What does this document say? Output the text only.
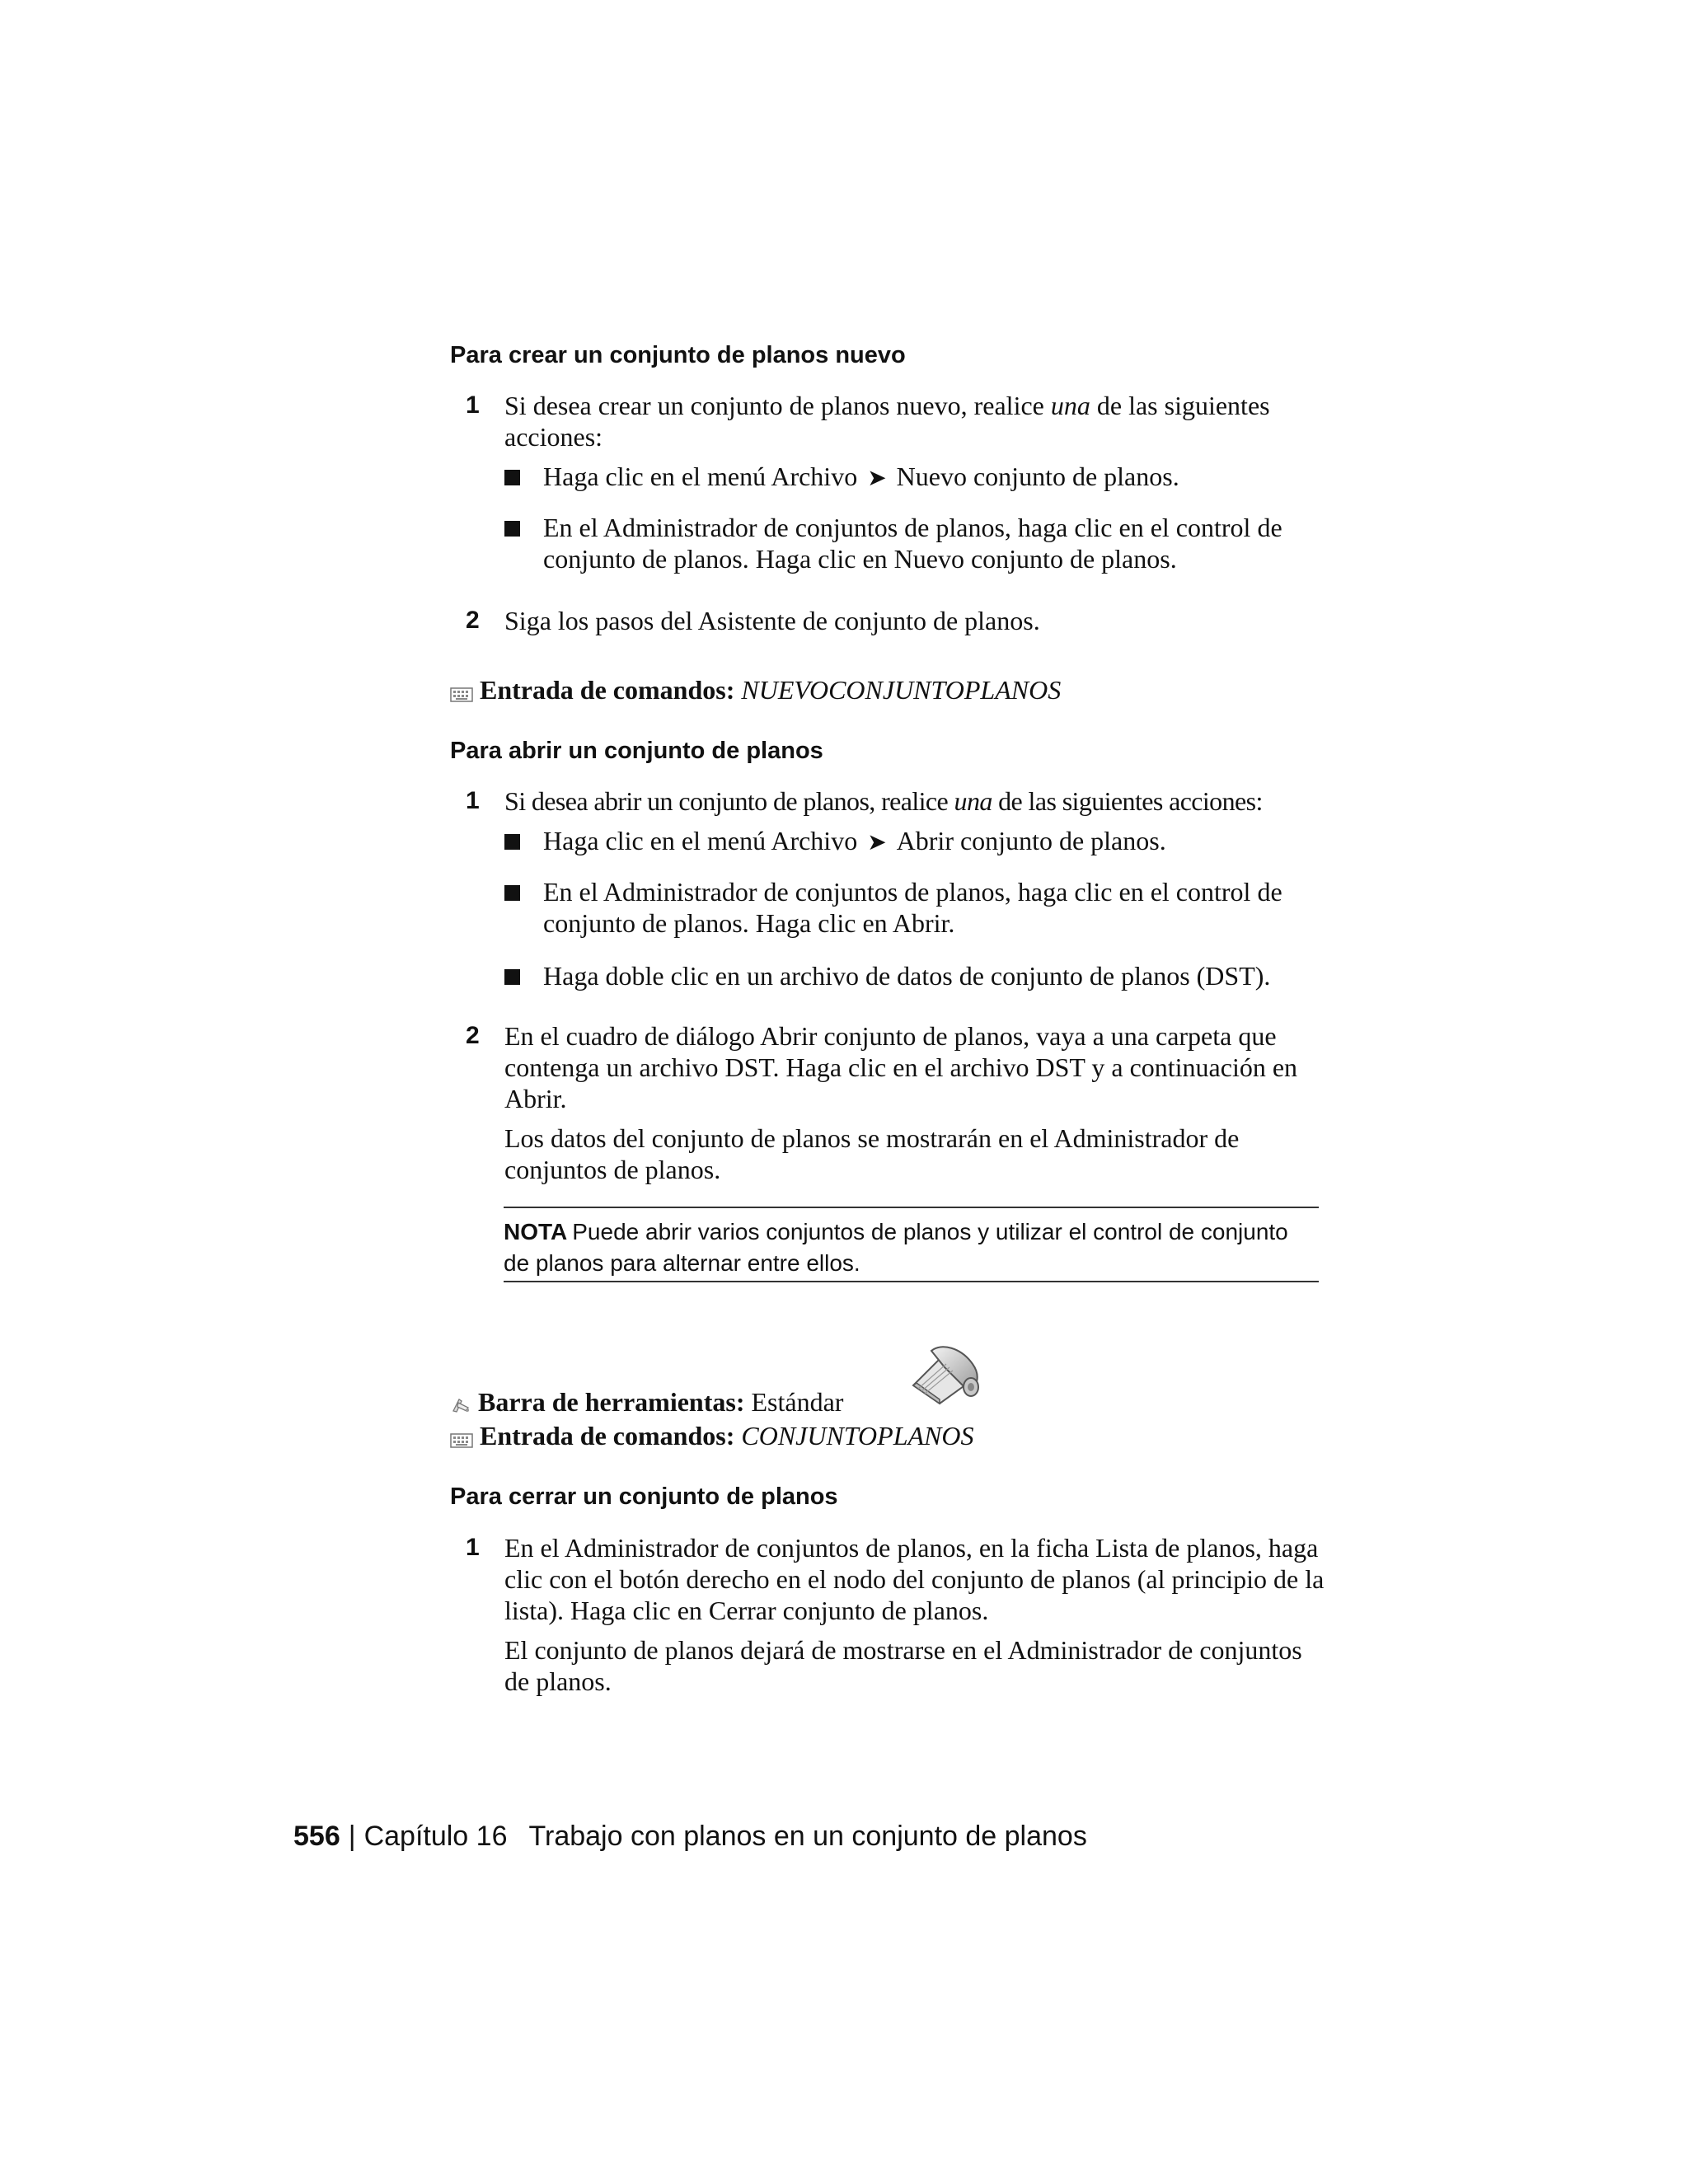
Para crear un conjunto de planos nuevo
1 Si desea crear un conjunto de planos nuevo, realice una de las siguientes acciones:
Haga clic en el menú Archivo ➤ Nuevo conjunto de planos.
En el Administrador de conjuntos de planos, haga clic en el control de conjunto de planos. Haga clic en Nuevo conjunto de planos.
2 Siga los pasos del Asistente de conjunto de planos.
Entrada de comandos: NUEVOCONJUNTOPLANOS
Para abrir un conjunto de planos
1 Si desea abrir un conjunto de planos, realice una de las siguientes acciones:
Haga clic en el menú Archivo ➤ Abrir conjunto de planos.
En el Administrador de conjuntos de planos, haga clic en el control de conjunto de planos. Haga clic en Abrir.
Haga doble clic en un archivo de datos de conjunto de planos (DST).
2 En el cuadro de diálogo Abrir conjunto de planos, vaya a una carpeta que contenga un archivo DST. Haga clic en el archivo DST y a continuación en Abrir.
Los datos del conjunto de planos se mostrarán en el Administrador de conjuntos de planos.
NOTA Puede abrir varios conjuntos de planos y utilizar el control de conjunto de planos para alternar entre ellos.
Barra de herramientas: Estándar
Entrada de comandos: CONJUNTOPLANOS
Para cerrar un conjunto de planos
1 En el Administrador de conjuntos de planos, en la ficha Lista de planos, haga clic con el botón derecho en el nodo del conjunto de planos (al principio de la lista). Haga clic en Cerrar conjunto de planos.
El conjunto de planos dejará de mostrarse en el Administrador de conjuntos de planos.
556 | Capítulo 16 Trabajo con planos en un conjunto de planos
